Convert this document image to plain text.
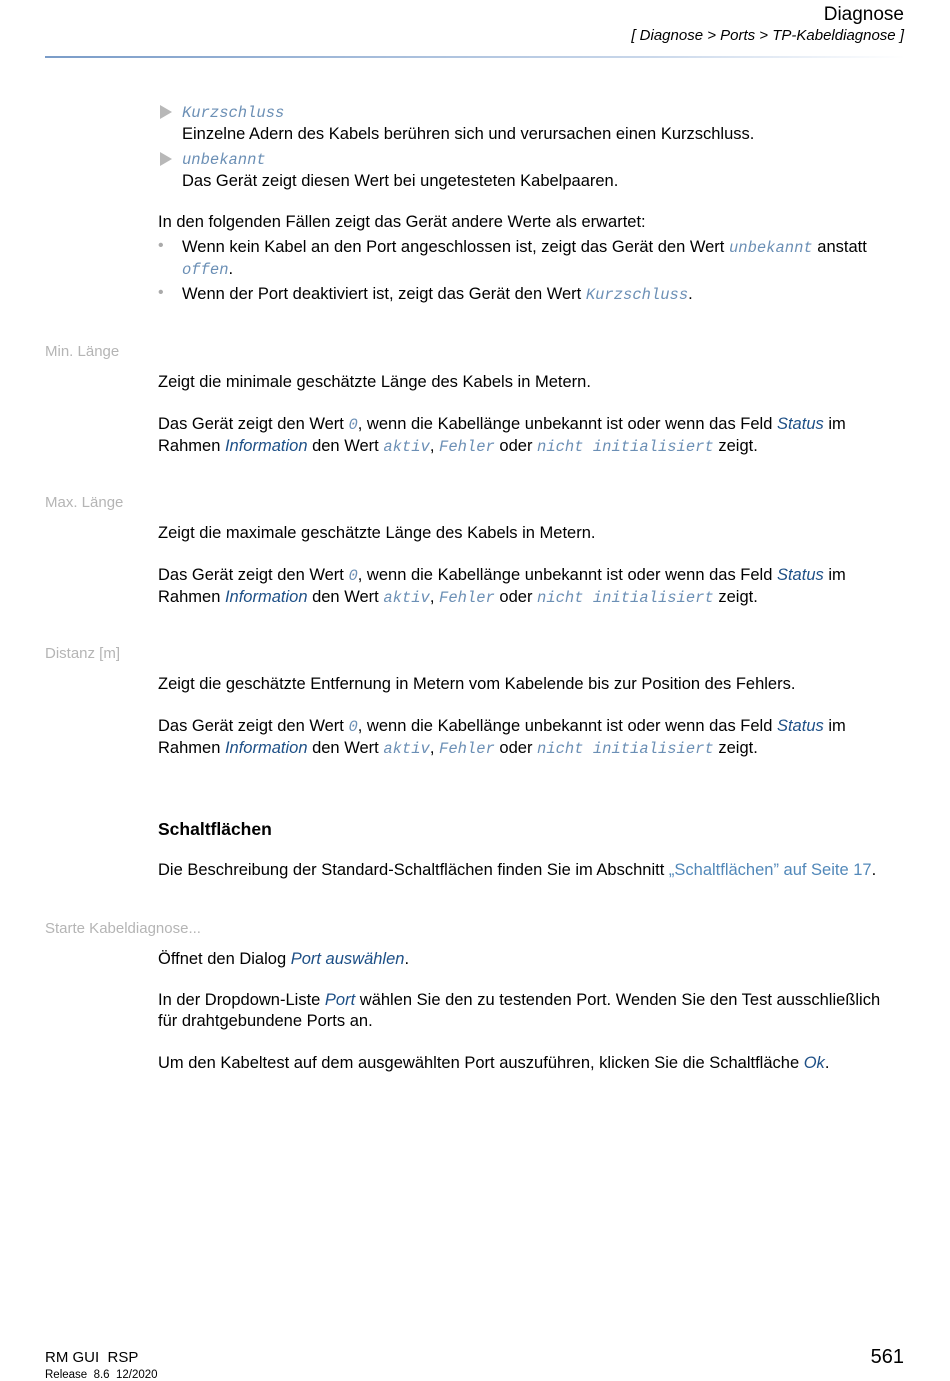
Diagnose
[ Diagnose > Ports > TP-Kabeldiagnose ]
Kurzschluss
Einzelne Adern des Kabels berühren sich und verursachen einen Kurzschluss.
unbekannt
Das Gerät zeigt diesen Wert bei ungetesteten Kabelpaaren.
In den folgenden Fällen zeigt das Gerät andere Werte als erwartet:
• Wenn kein Kabel an den Port angeschlossen ist, zeigt das Gerät den Wert unbekannt anstatt
offen.
• Wenn der Port deaktiviert ist, zeigt das Gerät den Wert Kurzschluss.
Min. Länge
Zeigt die minimale geschätzte Länge des Kabels in Metern.
Das Gerät zeigt den Wert 0, wenn die Kabellänge unbekannt ist oder wenn das Feld Status im
Rahmen Information den Wert aktiv, Fehler oder nicht initialisiert zeigt.
Max. Länge
Zeigt die maximale geschätzte Länge des Kabels in Metern.
Das Gerät zeigt den Wert 0, wenn die Kabellänge unbekannt ist oder wenn das Feld Status im
Rahmen Information den Wert aktiv, Fehler oder nicht initialisiert zeigt.
Distanz [m]
Zeigt die geschätzte Entfernung in Metern vom Kabelende bis zur Position des Fehlers.
Das Gerät zeigt den Wert 0, wenn die Kabellänge unbekannt ist oder wenn das Feld Status im
Rahmen Information den Wert aktiv, Fehler oder nicht initialisiert zeigt.
Schaltflächen
Die Beschreibung der Standard-Schaltflächen finden Sie im Abschnitt „Schaltflächen” auf Seite 17.
Starte Kabeldiagnose...
Öffnet den Dialog Port auswählen.
In der Dropdown-Liste Port wählen Sie den zu testenden Port. Wenden Sie den Test ausschließlich
für drahtgebundene Ports an.
Um den Kabeltest auf dem ausgewählten Port auszuführen, klicken Sie die Schaltfläche Ok.
RM GUI  RSP
Release  8.6  12/2020
561
